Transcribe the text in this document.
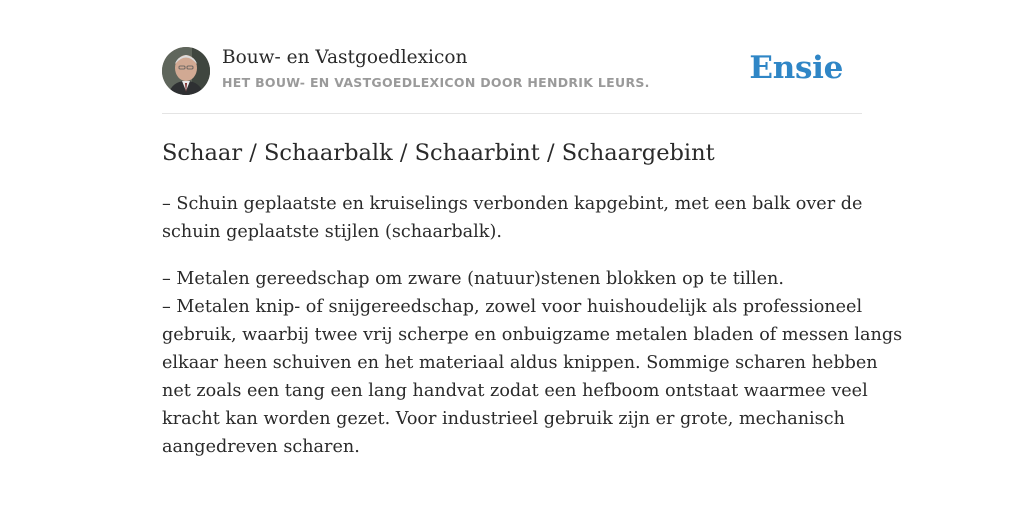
Bouw- en Vastgoedlexicon
HET BOUW- EN VASTGOEDLEXICON DOOR HENDRIK LEURS.	Ensie
Schaar / Schaarbalk / Schaarbint / Schaargebint

– Schuin geplaatste en kruiselings verbonden kapgebint, met een balk over de
schuin geplaatste stijlen (schaarbalk).

– Metalen gereedschap om zware (natuur)stenen blokken op te tillen.
– Metalen knip- of snijgereedschap, zowel voor huishoudelijk als professioneel
gebruik, waarbij twee vrij scherpe en onbuigzame metalen bladen of messen langs
elkaar heen schuiven en het materiaal aldus knippen. Sommige scharen hebben
net zoals een tang een lang handvat zodat een hefboom ontstaat waarmee veel
kracht kan worden gezet. Voor industrieel gebruik zijn er grote, mechanisch
aangedreven scharen.
